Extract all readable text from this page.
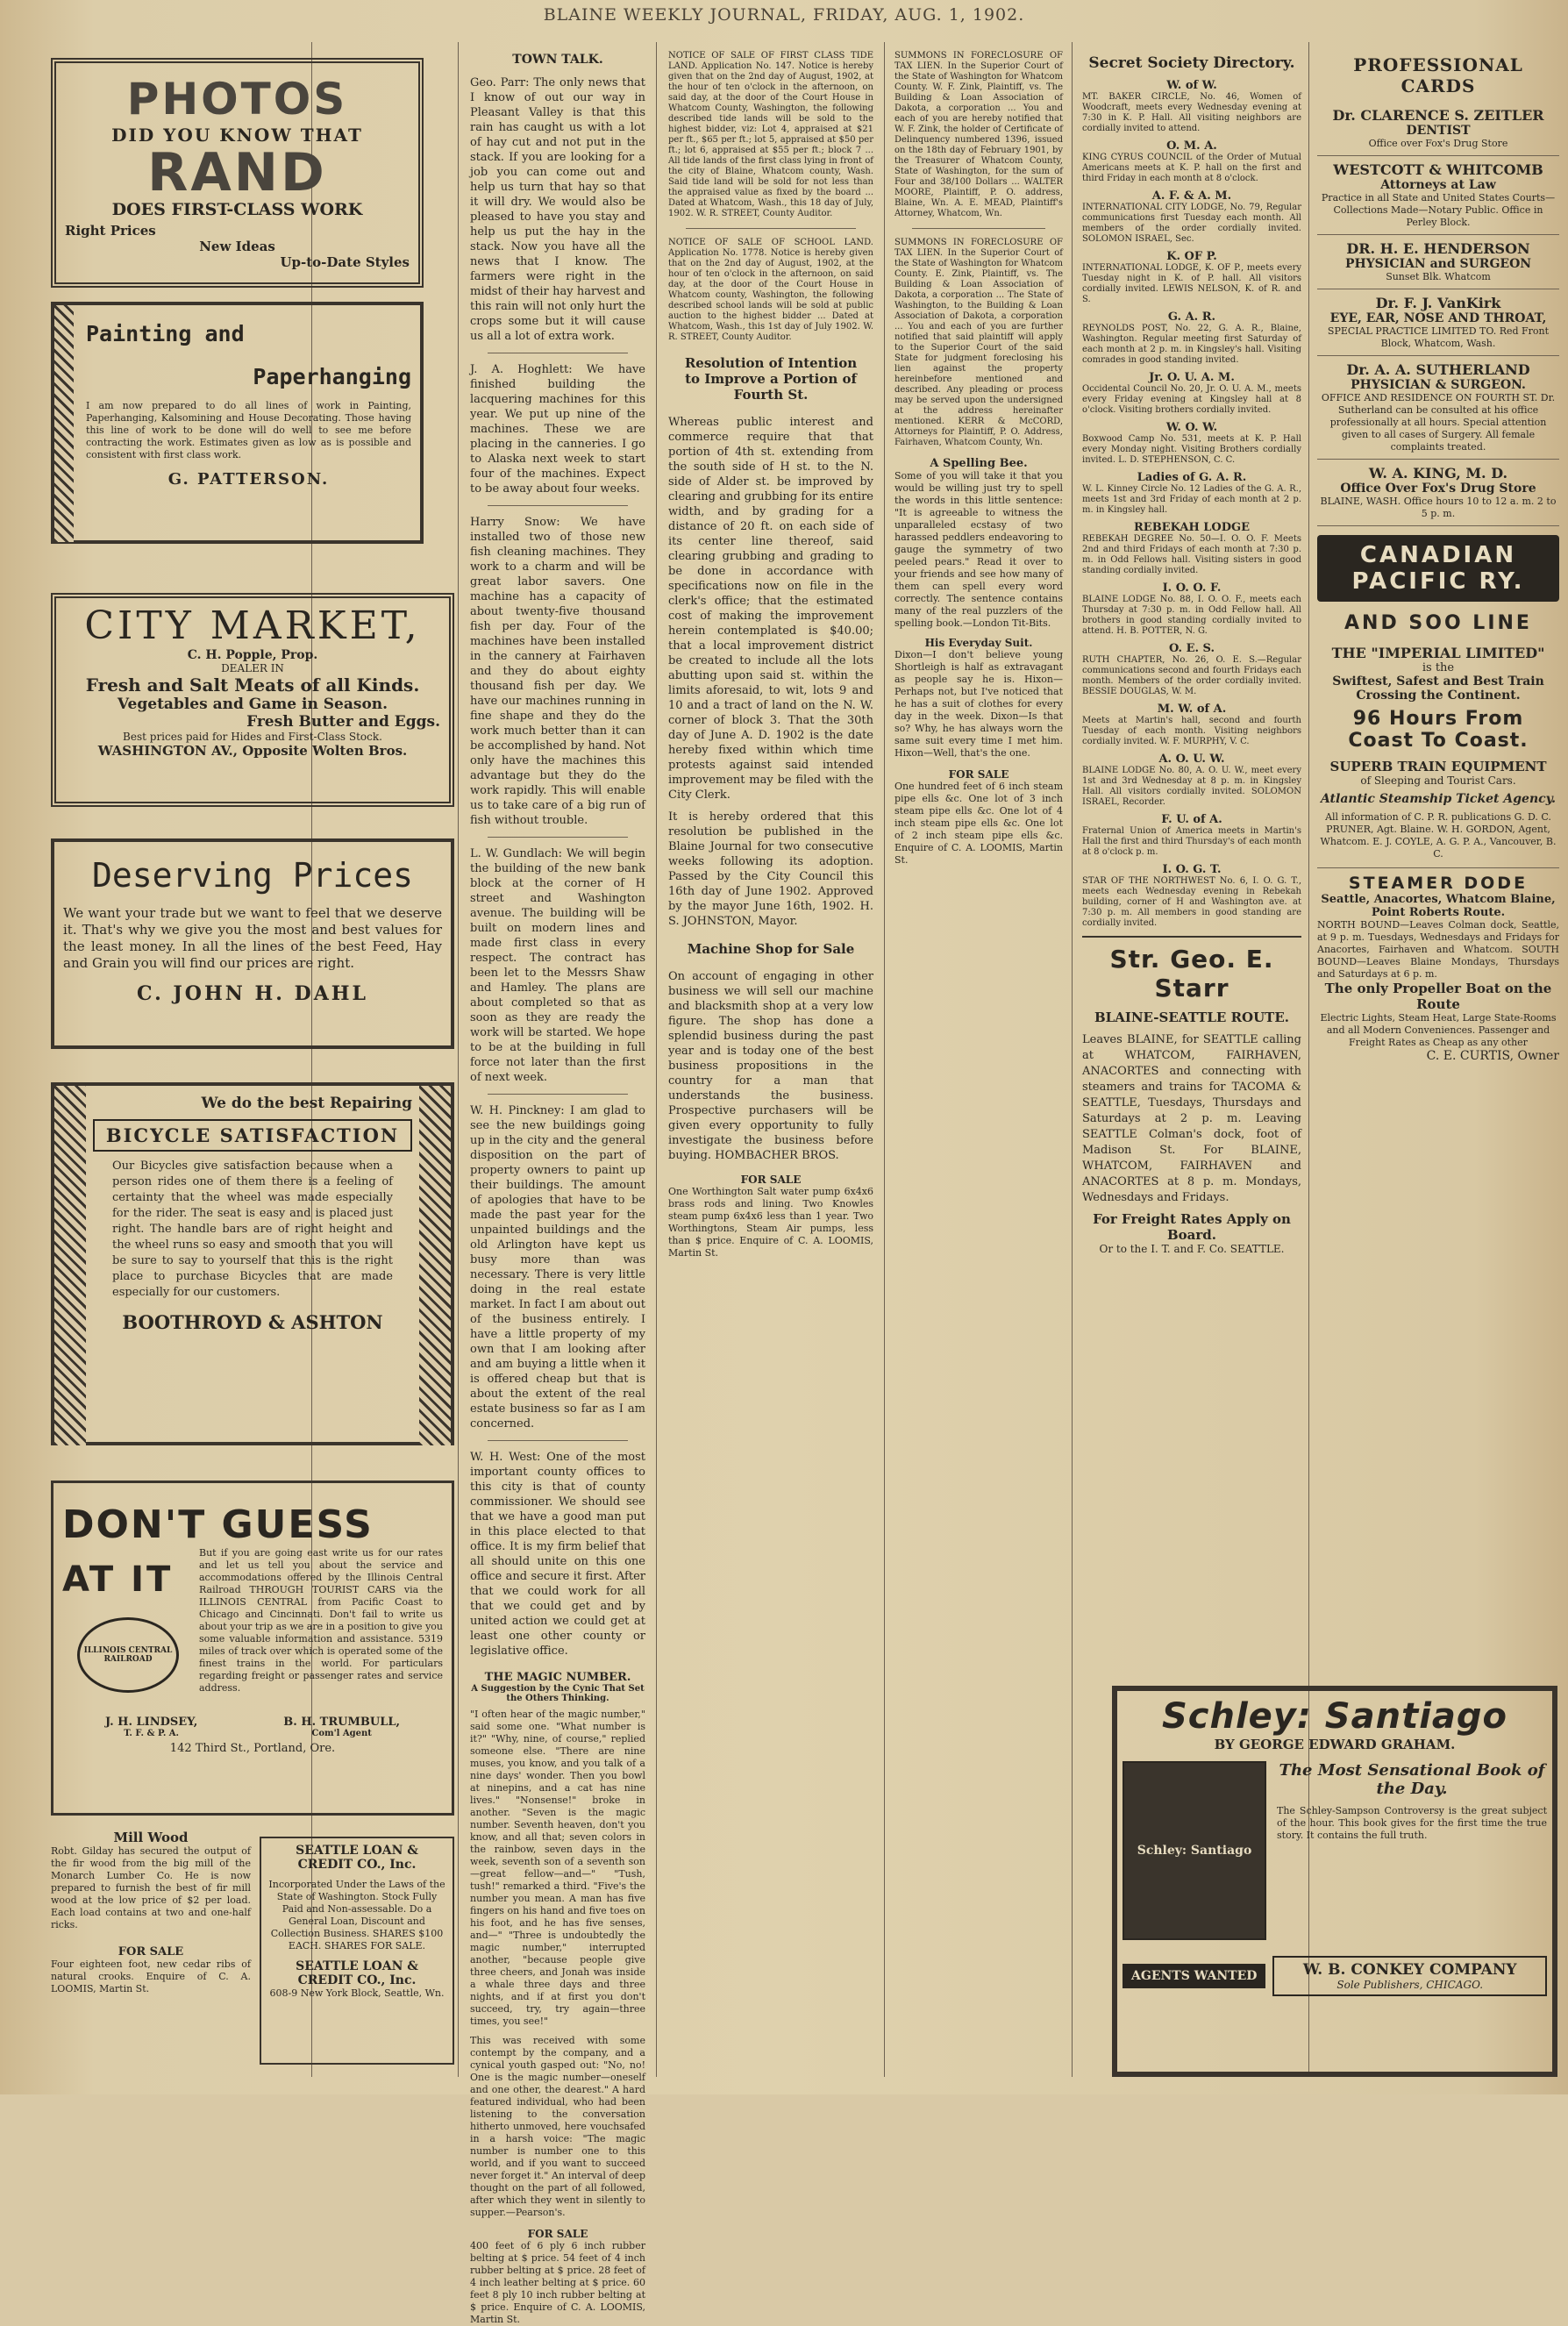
BLAINE WEEKLY JOURNAL, FRIDAY, AUG. 1, 1902.
PHOTOS
DID YOU KNOW THAT
RAND
DOES FIRST-CLASS WORK
Right Prices
New Ideas
Up-to-Date Styles
Painting and
Paperhanging
I am now prepared to do all lines of work in Painting, Paperhanging, Kalsomining and House Decorating. Those having this line of work to be done will do well to see me before contracting the work. Estimates given as low as is possible and consistent with first class work.
G. PATTERSON.
CITY MARKET,
C. H. Popple, Prop.
DEALER IN
Fresh and Salt Meats of all Kinds.
Vegetables and Game in Season.
Fresh Butter and Eggs.
Best prices paid for Hides and First-Class Stock.
WASHINGTON AV., Opposite Wolten Bros.
Deserving Prices
We want your trade but we want to feel that we deserve it. That's why we give you the most and best values for the least money. In all the lines of the best Feed, Hay and Grain you will find our prices are right.
C. JOHN H. DAHL
We do the best Repairing
BICYCLE SATISFACTION
Our Bicycles give satisfaction because when a person rides one of them there is a feeling of certainty that the wheel was made especially for the rider. The seat is easy and is placed just right. The handle bars are of right height and the wheel runs so easy and smooth that you will be sure to say to yourself that this is the right place to purchase Bicycles that are made especially for our customers.
BOOTHROYD & ASHTON
DON'T GUESS
AT IT
ILLINOIS CENTRAL RAILROAD
But if you are going east write us for our rates and let us tell you about the service and accommodations offered by the Illinois Central Railroad THROUGH TOURIST CARS via the ILLINOIS CENTRAL from Pacific Coast to Chicago and Cincinnati. Don't fail to write us about your trip as we are in a position to give you some valuable information and assistance. 5319 miles of track over which is operated some of the finest trains in the world. For particulars regarding freight or passenger rates and service address.
J. H. LINDSEY,
T. F. & P. A.
B. H. TRUMBULL,
Com'l Agent
142 Third St., Portland, Ore.
Mill Wood
Robt. Gilday has secured the output of the fir wood from the big mill of the Monarch Lumber Co. He is now prepared to furnish the best of fir mill wood at the low price of $2 per load. Each load contains at two and one-half ricks.
FOR SALE
Four eighteen foot, new cedar ribs of natural crooks. Enquire of C. A. LOOMIS, Martin St.
SEATTLE LOAN & CREDIT CO., Inc.
Incorporated Under the Laws of the State of Washington. Stock Fully Paid and Non-assessable. Do a General Loan, Discount and Collection Business. SHARES $100 EACH. SHARES FOR SALE.
SEATTLE LOAN & CREDIT CO., Inc.
608-9 New York Block, Seattle, Wn.
TOWN TALK.

Geo. Parr: The only news that I know of out our way in Pleasant Valley is that this rain has caught us with a lot of hay cut and not put in the stack. If you are looking for a job you can come out and help us turn that hay so that it will dry. We would also be pleased to have you stay and help us put the hay in the stack. Now you have all the news that I know. The farmers were right in the midst of their hay harvest and this rain will not only hurt the crops some but it will cause us all a lot of extra work.

J. A. Hoghlett: We have finished building the lacquering machines for this year. We put up nine of the machines. These we are placing in the canneries. I go to Alaska next week to start four of the machines. Expect to be away about four weeks.

Harry Snow: We have installed two of those new fish cleaning machines. They work to a charm and will be great labor savers. One machine has a capacity of about twenty-five thousand fish per day. Four of the machines have been installed in the cannery at Fairhaven and they do about eighty thousand fish per day. We have our machines running in fine shape and they do the work much better than it can be accomplished by hand. Not only have the machines this advantage but they do the work rapidly. This will enable us to take care of a big run of fish without trouble.

L. W. Gundlach: We will begin the building of the new bank block at the corner of H street and Washington avenue. The building will be built on modern lines and made first class in every respect. The contract has been let to the Messrs Shaw and Hamley. The plans are about completed so that as soon as they are ready the work will be started. We hope to be at the building in full force not later than the first of next week.

W. H. Pinckney: I am glad to see the new buildings going up in the city and the general disposition on the part of property owners to paint up their buildings. The amount of apologies that have to be made the past year for the unpainted buildings and the old Arlington have kept us busy more than was necessary. There is very little doing in the real estate market. In fact I am about out of the business entirely. I have a little property of my own that I am looking after and am buying a little when it is offered cheap but that is about the extent of the real estate business so far as I am concerned.

W. H. West: One of the most important county offices to this city is that of county commissioner. We should see that we have a good man put in this place elected to that office. It is my firm belief that all should unite on this one office and secure it first. After that we could work for all that we could get and by united action we could get at least one other county or legislative office.

THE MAGIC NUMBER.
A Suggestion by the Cynic That Set the Others Thinking.

"I often hear of the magic number," said some one. "What number is it?" "Why, nine, of course," replied someone else. "There are nine muses, you know, and you talk of a nine days' wonder. Then you bowl at ninepins, and a cat has nine lives." "Nonsense!" broke in another. "Seven is the magic number. Seventh heaven, don't you know, and all that; seven colors in the rainbow, seven days in the week, seventh son of a seventh son—great fellow—and—" "Tush, tush!" remarked a third. "Five's the number you mean. A man has five fingers on his hand and five toes on his foot, and he has five senses, and—" "Three is undoubtedly the magic number," interrupted another, "because people give three cheers, and Jonah was inside a whale three days and three nights, and if at first you don't succeed, try, try again—three times, you see!"

This was received with some contempt by the company, and a cynical youth gasped out: "No, no! One is the magic number—oneself and one other, the dearest." A hard featured individual, who had been listening to the conversation hitherto unmoved, here vouchsafed in a harsh voice: "The magic number is number one to this world, and if you want to succeed never forget it." An interval of deep thought on the part of all followed, after which they went in silently to supper.—Pearson's.

FOR SALE

400 feet of 6 ply 6 inch rubber belting at $ price. 54 feet of 4 inch rubber belting at $ price. 28 feet of 4 inch leather belting at $ price. 60 feet 8 ply 10 inch rubber belting at $ price. Enquire of C. A. LOOMIS, Martin St.

NOTICE OF SALE OF FIRST CLASS TIDE LAND. Application No. 147. Notice is hereby given that on the 2nd day of August, 1902, at the hour of ten o'clock in the afternoon, on said day, at the door of the Court House in Whatcom County, Washington, the following described tide lands will be sold to the highest bidder, viz: Lot 4, appraised at $21 per ft., $65 per ft.; lot 5, appraised at $50 per ft.; lot 6, appraised at $55 per ft.; block 7 ... All tide lands of the first class lying in front of the city of Blaine, Whatcom county, Wash. Said tide land will be sold for not less than the appraised value as fixed by the board ... Dated at Whatcom, Wash., this 18 day of July, 1902. W. R. STREET, County Auditor.

NOTICE OF SALE OF SCHOOL LAND. Application No. 1778. Notice is hereby given that on the 2nd day of August, 1902, at the hour of ten o'clock in the afternoon, on said day, at the door of the Court House in Whatcom county, Washington, the following described school lands will be sold at public auction to the highest bidder ... Dated at Whatcom, Wash., this 1st day of July 1902. W. R. STREET, County Auditor.

Resolution of Intention to Improve a Portion of Fourth St.

Whereas public interest and commerce require that that portion of 4th st. extending from the south side of H st. to the N. side of Alder st. be improved by clearing and grubbing for its entire width, and by grading for a distance of 20 ft. on each side of its center line thereof, said clearing grubbing and grading to be done in accordance with specifications now on file in the clerk's office; that the estimated cost of making the improvement herein contemplated is $40.00; that a local improvement district be created to include all the lots abutting upon said st. within the limits aforesaid, to wit, lots 9 and 10 and a tract of land on the N. W. corner of block 3. That the 30th day of June A. D. 1902 is the date hereby fixed within which time protests against said intended improvement may be filed with the City Clerk.

It is hereby ordered that this resolution be published in the Blaine Journal for two consecutive weeks following its adoption. Passed by the City Council this 16th day of June 1902. Approved by the mayor June 16th, 1902. H. S. JOHNSTON, Mayor.

Machine Shop for Sale

On account of engaging in other business we will sell our machine and blacksmith shop at a very low figure. The shop has done a splendid business during the past year and is today one of the best business propositions in the country for a man that understands the business. Prospective purchasers will be given every opportunity to fully investigate the business before buying. HOMBACHER BROS.

FOR SALE

One Worthington Salt water pump 6x4x6 brass rods and lining. Two Knowles steam pump 6x4x6 less than 1 year. Two Worthingtons, Steam Air pumps, less than $ price. Enquire of C. A. LOOMIS, Martin St.

SUMMONS IN FORECLOSURE OF TAX LIEN. In the Superior Court of the State of Washington for Whatcom County. W. F. Zink, Plaintiff, vs. The Building & Loan Association of Dakota, a corporation ... You and each of you are hereby notified that W. F. Zink, the holder of Certificate of Delinquency numbered 1396, issued on the 18th day of February 1901, by the Treasurer of Whatcom County, State of Washington, for the sum of Four and 38/100 Dollars ... WALTER MOORE, Plaintiff, P. O. address, Blaine, Wn. A. E. MEAD, Plaintiff's Attorney, Whatcom, Wn.

SUMMONS IN FORECLOSURE OF TAX LIEN. In the Superior Court of the State of Washington for Whatcom County. E. Zink, Plaintiff, vs. The Building & Loan Association of Dakota, a corporation ... The State of Washington, to the Building & Loan Association of Dakota, a corporation ... You and each of you are further notified that said plaintiff will apply to the Superior Court of the said State for judgment foreclosing his lien against the property hereinbefore mentioned and described. Any pleading or process may be served upon the undersigned at the address hereinafter mentioned. KERR & McCORD, Attorneys for Plaintiff, P. O. Address, Fairhaven, Whatcom County, Wn.

A Spelling Bee.

Some of you will take it that you would be willing just try to spell the words in this little sentence: "It is agreeable to witness the unparalleled ecstasy of two harassed peddlers endeavoring to gauge the symmetry of two peeled pears." Read it over to your friends and see how many of them can spell every word correctly. The sentence contains many of the real puzzlers of the spelling book.—London Tit-Bits.

His Everyday Suit.

Dixon—I don't believe young Shortleigh is half as extravagant as people say he is. Hixon—Perhaps not, but I've noticed that he has a suit of clothes for every day in the week. Dixon—Is that so? Why, he has always worn the same suit every time I met him. Hixon—Well, that's the one.

FOR SALE

One hundred feet of 6 inch steam pipe ells &c. One lot of 3 inch steam pipe ells &c. One lot of 4 inch steam pipe ells &c. One lot of 2 inch steam pipe ells &c. Enquire of C. A. LOOMIS, Martin St.

Secret Society Directory.
W. of W.
MT. BAKER CIRCLE, No. 46, Women of Woodcraft, meets every Wednesday evening at 7:30 in K. P. Hall. All visiting neighbors are cordially invited to attend.
O. M. A.
KING CYRUS COUNCIL of the Order of Mutual Americans meets at K. P. hall on the first and third Friday in each month at 8 o'clock.
A. F. & A. M.
INTERNATIONAL CITY LODGE, No. 79, Regular communications first Tuesday each month. All members of the order cordially invited. SOLOMON ISRAEL, Sec.
K. OF P.
INTERNATIONAL LODGE, K. OF P., meets every Tuesday night in K. of P. hall. All visitors cordially invited. LEWIS NELSON, K. of R. and S.
G. A. R.
REYNOLDS POST, No. 22, G. A. R., Blaine, Washington. Regular meeting first Saturday of each month at 2 p. m. in Kingsley's hall. Visiting comrades in good standing invited.
Jr. O. U. A. M.
Occidental Council No. 20, Jr. O. U. A. M., meets every Friday evening at Kingsley hall at 8 o'clock. Visiting brothers cordially invited.
W. O. W.
Boxwood Camp No. 531, meets at K. P. Hall every Monday night. Visiting Brothers cordially invited. L. D. STEPHENSON, C. C.
Ladies of G. A. R.
W. L. Kinney Circle No. 12 Ladies of the G. A. R., meets 1st and 3rd Friday of each month at 2 p. m. in Kingsley hall.
REBEKAH LODGE
REBEKAH DEGREE No. 50—I. O. O. F. Meets 2nd and third Fridays of each month at 7:30 p. m. in Odd Fellows hall. Visiting sisters in good standing cordially invited.
I. O. O. F.
BLAINE LODGE No. 88, I. O. O. F., meets each Thursday at 7:30 p. m. in Odd Fellow hall. All brothers in good standing cordially invited to attend. H. B. POTTER, N. G.
O. E. S.
RUTH CHAPTER, No. 26, O. E. S.—Regular communications second and fourth Fridays each month. Members of the order cordially invited. BESSIE DOUGLAS, W. M.
M. W. of A.
Meets at Martin's hall, second and fourth Tuesday of each month. Visiting neighbors cordially invited. W. F. MURPHY, V. C.
A. O. U. W.
BLAINE LODGE No. 80, A. O. U. W., meet every 1st and 3rd Wednesday at 8 p. m. in Kingsley Hall. All visitors cordially invited. SOLOMON ISRAEL, Recorder.
F. U. of A.
Fraternal Union of America meets in Martin's Hall the first and third Thursday's of each month at 8 o'clock p. m.
I. O. G. T.
STAR OF THE NORTHWEST No. 6, I. O. G. T., meets each Wednesday evening in Rebekah building, corner of H and Washington ave. at 7:30 p. m. All members in good standing are cordially invited.
Str. Geo. E. Starr
BLAINE-SEATTLE ROUTE.
Leaves BLAINE, for SEATTLE calling at WHATCOM, FAIRHAVEN, ANACORTES and connecting with steamers and trains for TACOMA & SEATTLE, Tuesdays, Thursdays and Saturdays at 2 p. m. Leaving SEATTLE Colman's dock, foot of Madison St. For BLAINE, WHATCOM, FAIRHAVEN and ANACORTES at 8 p. m. Mondays, Wednesdays and Fridays.
For Freight Rates Apply on Board.
Or to the I. T. and F. Co. SEATTLE.
PROFESSIONAL CARDS
Dr. CLARENCE S. ZEITLER
DENTIST
Office over Fox's Drug Store
WESTCOTT & WHITCOMB
Attorneys at Law
Practice in all State and United States Courts—Collections Made—Notary Public. Office in Perley Block.
DR. H. E. HENDERSON
PHYSICIAN and SURGEON
Sunset Blk. Whatcom
Dr. F. J. VanKirk
EYE, EAR, NOSE AND THROAT,
SPECIAL PRACTICE LIMITED TO. Red Front Block, Whatcom, Wash.
Dr. A. A. SUTHERLAND
PHYSICIAN & SURGEON.
OFFICE AND RESIDENCE ON FOURTH ST. Dr. Sutherland can be consulted at his office professionally at all hours. Special attention given to all cases of Surgery. All female complaints treated.
W. A. KING, M. D.
Office Over Fox's Drug Store
BLAINE, WASH. Office hours 10 to 12 a. m. 2 to 5 p. m.
CANADIAN
PACIFIC RY.
AND SOO LINE
THE "IMPERIAL LIMITED"
is the
Swiftest, Safest and Best Train Crossing the Continent.
96 Hours From Coast To Coast.
SUPERB TRAIN EQUIPMENT
of Sleeping and Tourist Cars.
Atlantic Steamship Ticket Agency.
All information of C. P. R. publications G. D. C. PRUNER, Agt. Blaine. W. H. GORDON, Agent, Whatcom. E. J. COYLE, A. G. P. A., Vancouver, B. C.
STEAMER DODE
Seattle, Anacortes, Whatcom Blaine, Point Roberts Route.
NORTH BOUND—Leaves Colman dock, Seattle, at 9 p. m. Tuesdays, Wednesdays and Fridays for Anacortes, Fairhaven and Whatcom. SOUTH BOUND—Leaves Blaine Mondays, Thursdays and Saturdays at 6 p. m.
The only Propeller Boat on the Route
Electric Lights, Steam Heat, Large State-Rooms and all Modern Conveniences. Passenger and Freight Rates as Cheap as any other
C. E. CURTIS, Owner
Schley: Santiago
BY GEORGE EDWARD GRAHAM.
Schley: Santiago
The Most Sensational Book of the Day.
The Schley-Sampson Controversy is the great subject of the hour. This book gives for the first time the true story. It contains the full truth.
AGENTS WANTED	W. B. CONKEY COMPANY
Sole Publishers, CHICAGO.
